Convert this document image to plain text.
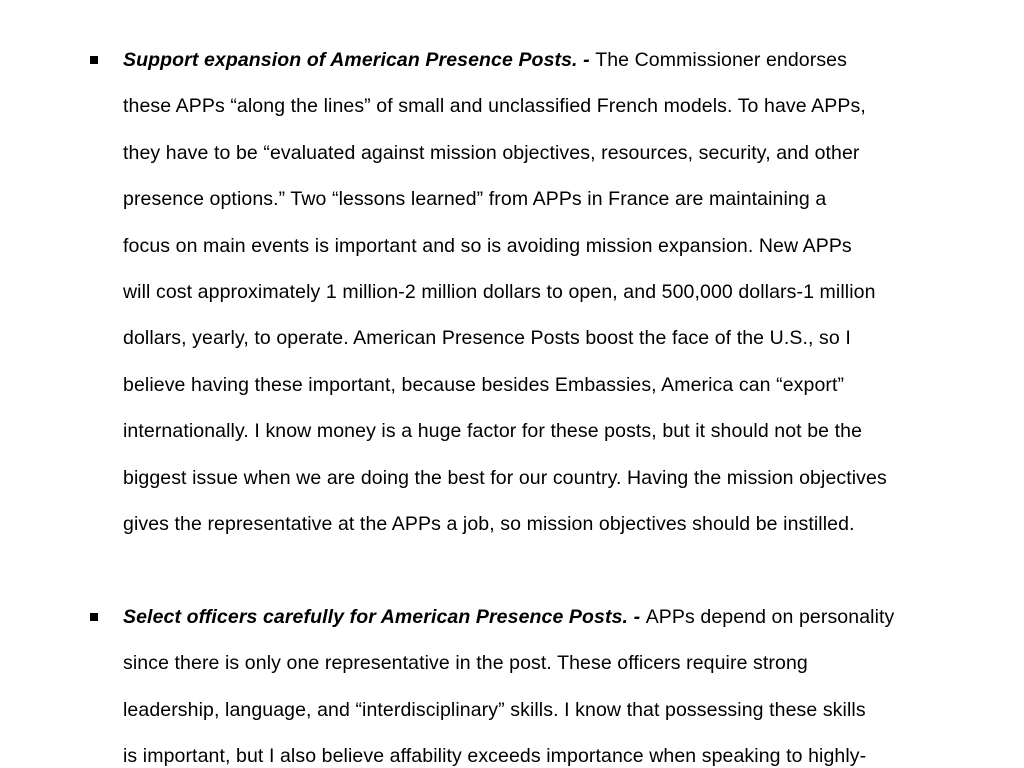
Support expansion of American Presence Posts. - The Commissioner endorses
these APPs “along the lines” of small and unclassified French models. To have APPs,
they have to be “evaluated against mission objectives, resources, security, and other
presence options.” Two “lessons learned” from APPs in France are maintaining a
focus on main events is important and so is avoiding mission expansion. New APPs
will cost approximately 1 million-2 million dollars to open, and 500,000 dollars-1 million
dollars, yearly, to operate. American Presence Posts boost the face of the U.S., so I
believe having these important, because besides Embassies, America can “export”
internationally. I know money is a huge factor for these posts, but it should not be the
biggest issue when we are doing the best for our country. Having the mission objectives
gives the representative at the APPs a job, so mission objectives should be instilled.
Select officers carefully for American Presence Posts. - APPs depend on personality
since there is only one representative in the post. These officers require strong
leadership, language, and “interdisciplinary” skills. I know that possessing these skills
is important, but I also believe affability exceeds importance when speaking to highly-
